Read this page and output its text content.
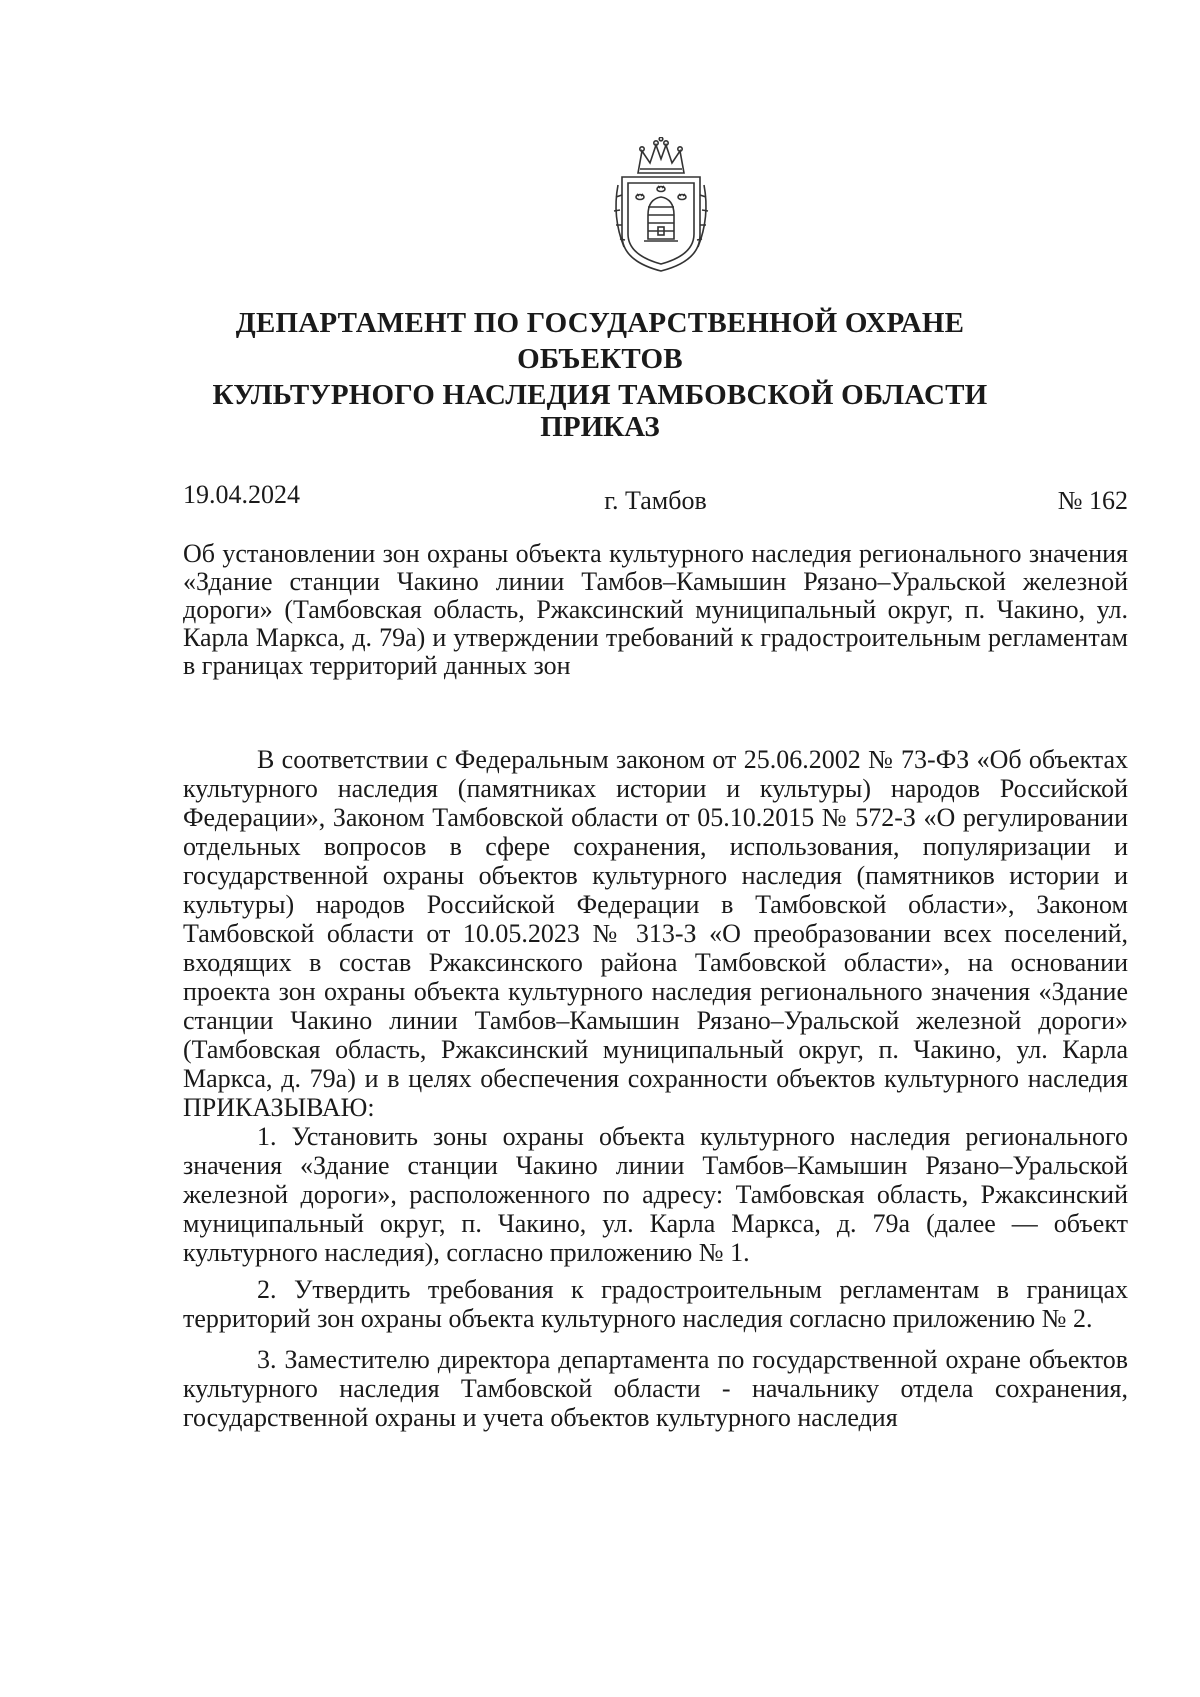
ДЕПАРТАМЕНТ ПО ГОСУДАРСТВЕННОЙ ОХРАНЕ ОБЪЕКТОВ
КУЛЬТУРНОГО НАСЛЕДИЯ ТАМБОВСКОЙ ОБЛАСТИ
ПРИКАЗ
19.04.2024	г. Тамбов	№ 162
Об установлении зон охраны объекта культурного наследия регионального значения «Здание станции Чакино линии Тамбов–Камышин Рязано–Уральской железной дороги» (Тамбовская область, Ржаксинский муниципальный округ, п. Чакино, ул. Карла Маркса, д. 79а) и утверждении требований к градостроительным регламентам в границах территорий данных зон

В соответствии с Федеральным законом от 25.06.2002 № 73-ФЗ «Об объектах культурного наследия (памятниках истории и культуры) народов Российской Федерации», Законом Тамбовской области от 05.10.2015 № 572-З «О регулировании отдельных вопросов в сфере сохранения, использования, популяризации и государственной охраны объектов культурного наследия (памятников истории и культуры) народов Российской Федерации в Тамбовской области», Законом Тамбовской области от 10.05.2023 № 313-З «О преобразовании всех поселений, входящих в состав Ржаксинского района Тамбовской области», на основании проекта зон охраны объекта культурного наследия регионального значения «Здание станции Чакино линии Тамбов–Камышин Рязано–Уральской железной дороги» (Тамбовская область, Ржаксинский муниципальный округ, п. Чакино, ул. Карла Маркса, д. 79а) и в целях обеспечения сохранности объектов культурного наследия ПРИКАЗЫВАЮ:

1. Установить зоны охраны объекта культурного наследия регионального значения «Здание станции Чакино линии Тамбов–Камышин Рязано–Уральской железной дороги», расположенного по адресу: Тамбовская область, Ржаксинский муниципальный округ, п. Чакино, ул. Карла Маркса, д. 79а (далее — объект культурного наследия), согласно приложению № 1.

2. Утвердить требования к градостроительным регламентам в границах территорий зон охраны объекта культурного наследия согласно приложению № 2.

3. Заместителю директора департамента по государственной охране объектов культурного наследия Тамбовской области - начальнику отдела сохранения, государственной охраны и учета объектов культурного наследия
